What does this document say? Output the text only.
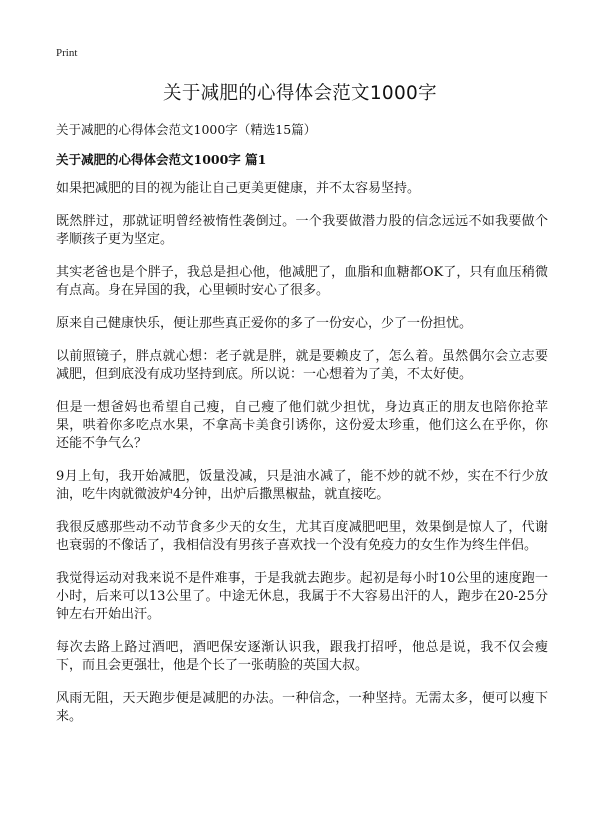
Print
关于减肥的心得体会范文1000字

关于减肥的心得体会范文1000字（精选15篇）

关于减肥的心得体会范文1000字 篇1

如果把减肥的目的视为能让自己更美更健康，并不太容易坚持。

既然胖过，那就证明曾经被惰性袭倒过。一个我要做潜力股的信念远远不如我要做个孝顺孩子更为坚定。

其实老爸也是个胖子，我总是担心他，他减肥了，血脂和血糖都OK了，只有血压稍微有点高。身在异国的我，心里顿时安心了很多。

原来自己健康快乐，便让那些真正爱你的多了一份安心，少了一份担忧。

以前照镜子，胖点就心想：老子就是胖，就是要赖皮了，怎么着。虽然偶尔会立志要减肥，但到底没有成功坚持到底。所以说：一心想着为了美，不太好使。

但是一想爸妈也希望自己瘦，自己瘦了他们就少担忧，身边真正的朋友也陪你抢苹果，哄着你多吃点水果，不拿高卡美食引诱你，这份爱太珍重，他们这么在乎你，你还能不争气么？

9月上旬，我开始减肥，饭量没减，只是油水减了，能不炒的就不炒，实在不行少放油，吃牛肉就微波炉4分钟，出炉后撒黑椒盐，就直接吃。

我很反感那些动不动节食多少天的女生，尤其百度减肥吧里，效果倒是惊人了，代谢也衰弱的不像话了，我相信没有男孩子喜欢找一个没有免疫力的女生作为终生伴侣。

我觉得运动对我来说不是件难事，于是我就去跑步。起初是每小时10公里的速度跑一小时，后来可以13公里了。中途无休息，我属于不大容易出汗的人，跑步在20-25分钟左右开始出汗。

每次去路上路过酒吧，酒吧保安逐渐认识我，跟我打招呼，他总是说，我不仅会瘦下，而且会更强壮，他是个长了一张萌脸的英国大叔。

风雨无阻，天天跑步便是减肥的办法。一种信念，一种坚持。无需太多，便可以瘦下来。
